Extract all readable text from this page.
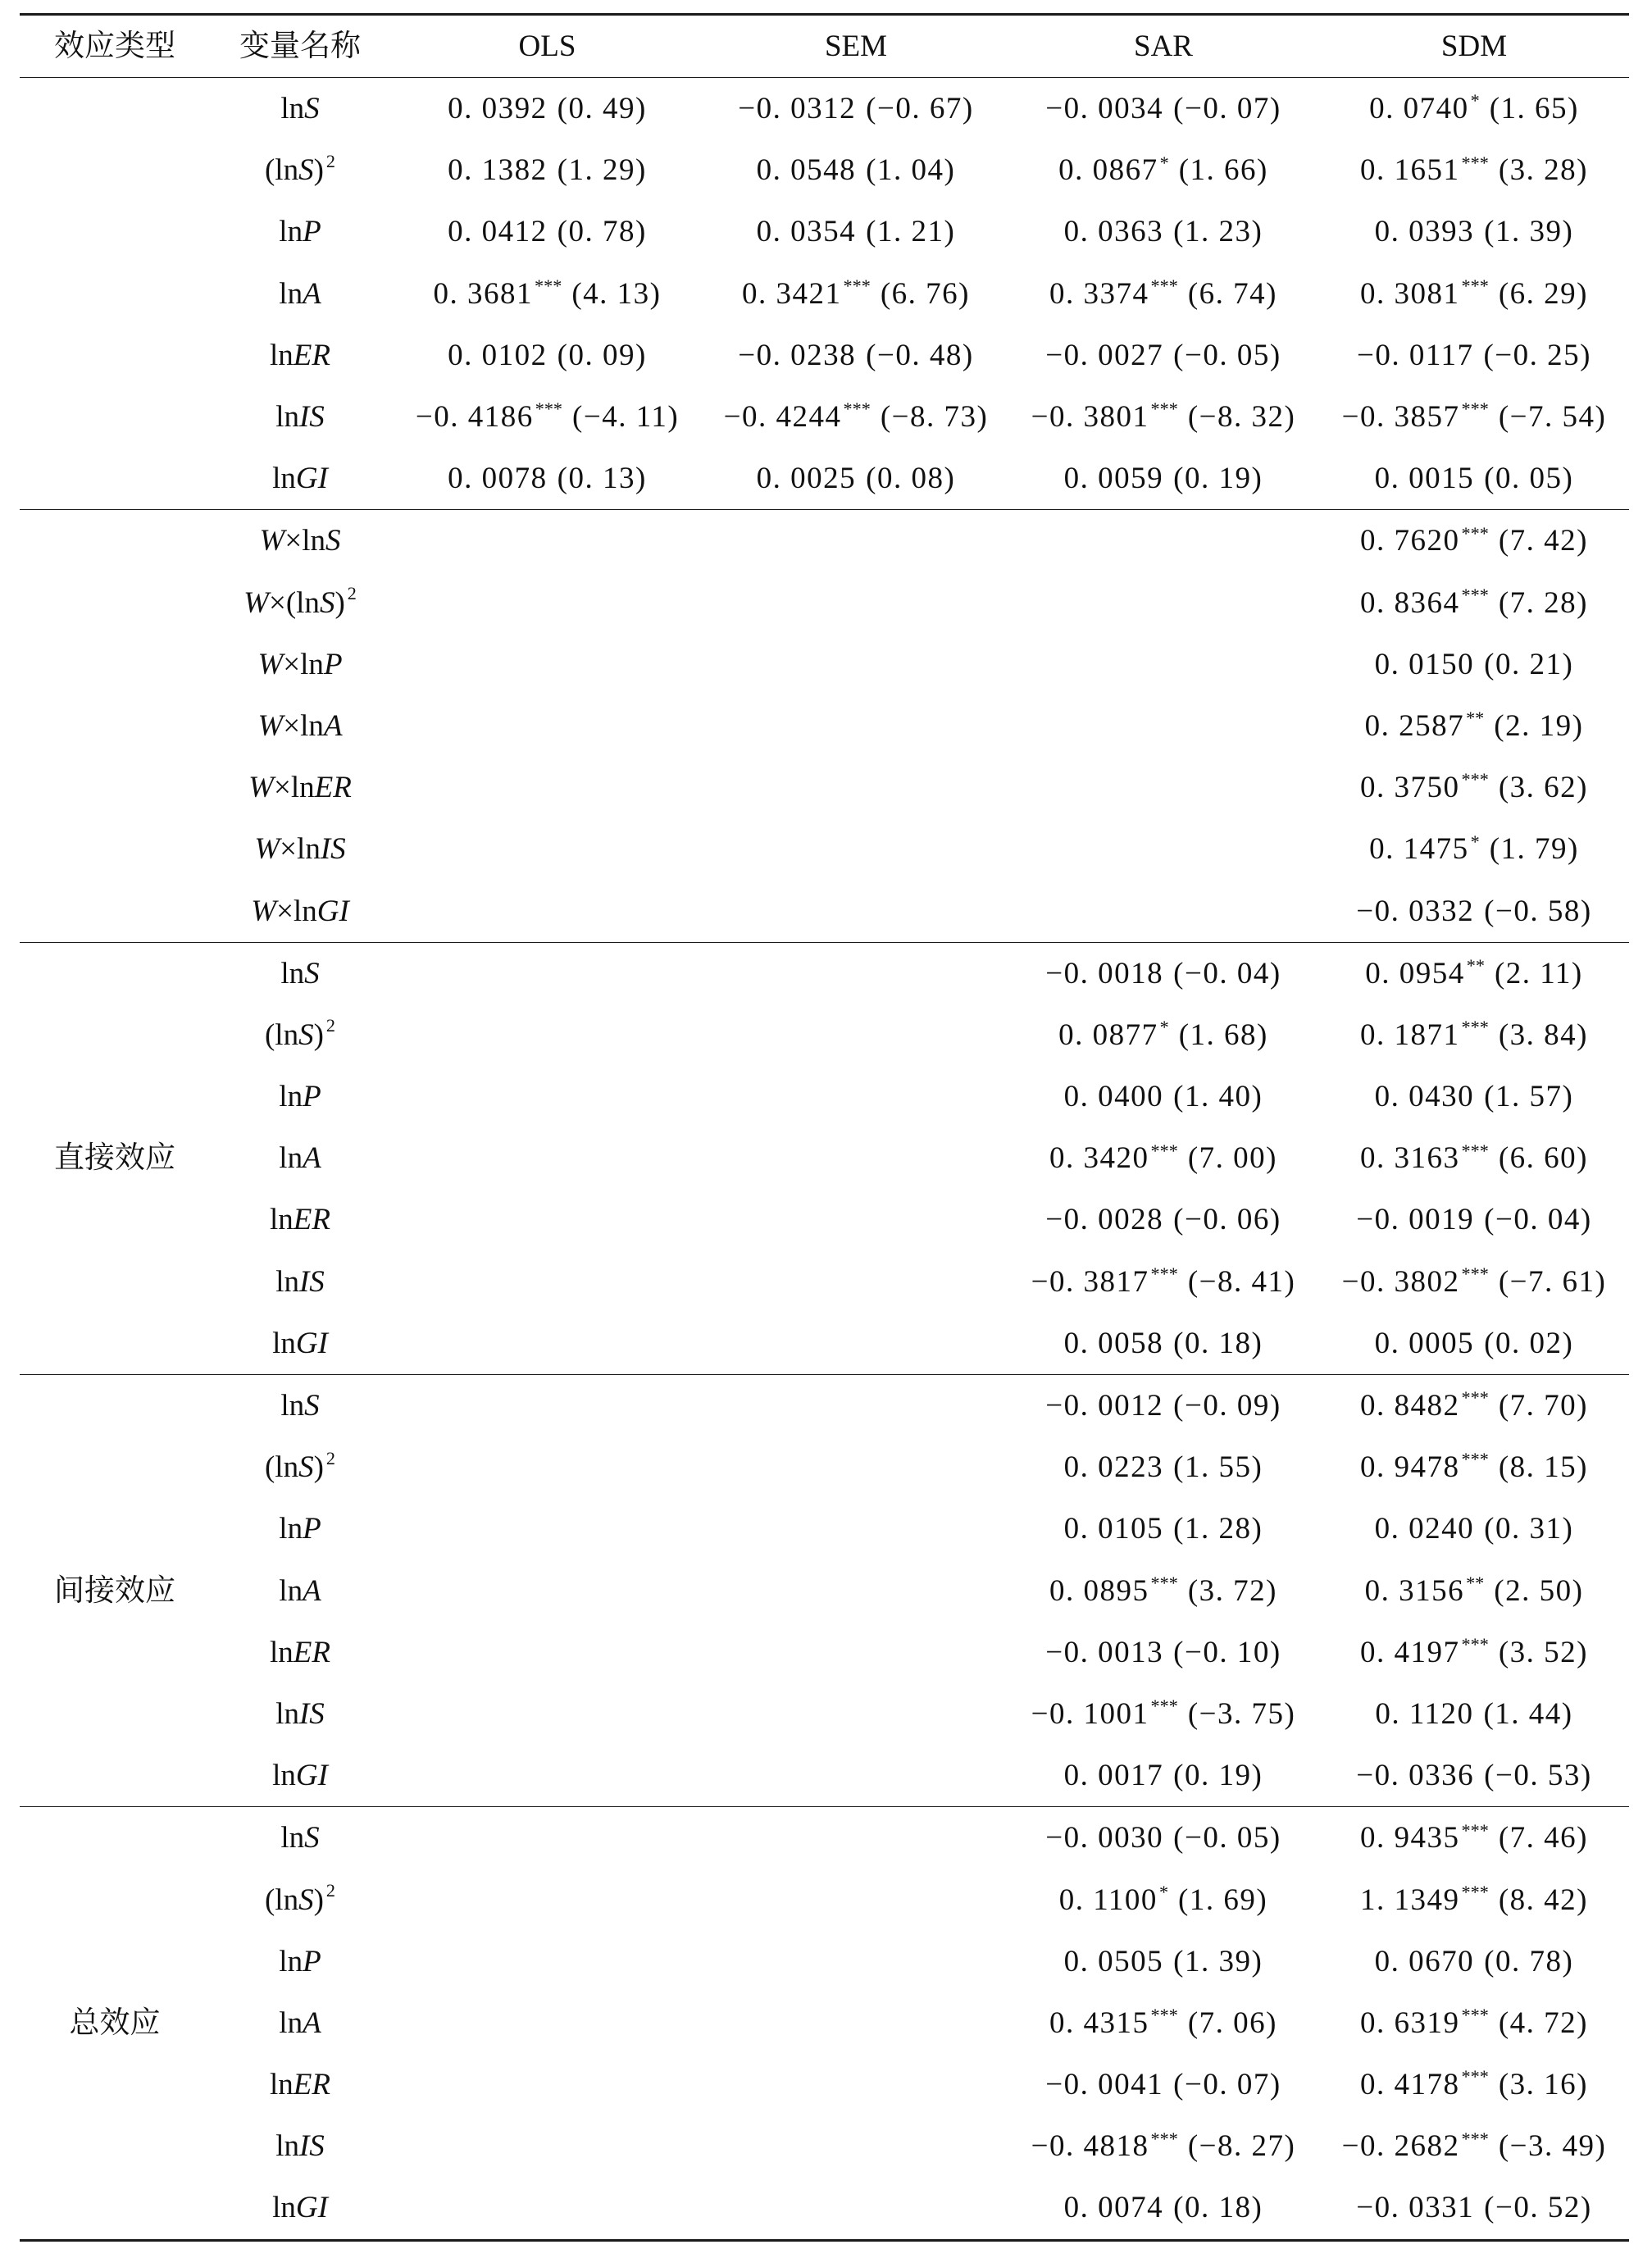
效应类型	变量名称	OLS	SEM	SAR	SDM
	lnS	0. 0392 (0. 49)	−0. 0312 (−0. 67)	−0. 0034 (−0. 07)	0. 0740* (1. 65)
	(lnS) $^2$	0. 1382 (1. 29)	0. 0548 (1. 04)	0. 0867* (1. 66)	0. 1651*** (3. 28)
	lnP	0. 0412 (0. 78)	0. 0354 (1. 21)	0. 0363 (1. 23)	0. 0393 (1. 39)
	lnA	0. 3681*** (4. 13)	0. 3421*** (6. 76)	0. 3374*** (6. 74)	0. 3081*** (6. 29)
	lnER	0. 0102 (0. 09)	−0. 0238 (−0. 48)	−0. 0027 (−0. 05)	−0. 0117 (−0. 25)
	lnIS	−0. 4186*** (−4. 11)	−0. 4244*** (−8. 73)	−0. 3801*** (−8. 32)	−0. 3857*** (−7. 54)
	lnGI	0. 0078 (0. 13)	0. 0025 (0. 08)	0. 0059 (0. 19)	0. 0015 (0. 05)
	W×lnS				0. 7620*** (7. 42)
	W×(lnS) $^2$				0. 8364*** (7. 28)
	W×lnP				0. 0150 (0. 21)
	W×lnA				0. 2587** (2. 19)
	W×lnER				0. 3750*** (3. 62)
	W×lnIS				0. 1475* (1. 79)
	W×lnGI				−0. 0332 (−0. 58)
直接效应	lnS			−0. 0018 (−0. 04)	0. 0954** (2. 11)
	(lnS) $^2$			0. 0877* (1. 68)	0. 1871*** (3. 84)
	lnP			0. 0400 (1. 40)	0. 0430 (1. 57)
	lnA			0. 3420*** (7. 00)	0. 3163*** (6. 60)
	lnER			−0. 0028 (−0. 06)	−0. 0019 (−0. 04)
	lnIS			−0. 3817*** (−8. 41)	−0. 3802*** (−7. 61)
	lnGI			0. 0058 (0. 18)	0. 0005 (0. 02)
间接效应	lnS			−0. 0012 (−0. 09)	0. 8482*** (7. 70)
	(lnS) $^2$			0. 0223 (1. 55)	0. 9478*** (8. 15)
	lnP			0. 0105 (1. 28)	0. 0240 (0. 31)
	lnA			0. 0895*** (3. 72)	0. 3156** (2. 50)
	lnER			−0. 0013 (−0. 10)	0. 4197*** (3. 52)
	lnIS			−0. 1001*** (−3. 75)	0. 1120 (1. 44)
	lnGI			0. 0017 (0. 19)	−0. 0336 (−0. 53)
总效应	lnS			−0. 0030 (−0. 05)	0. 9435*** (7. 46)
	(lnS) $^2$			0. 1100* (1. 69)	1. 1349*** (8. 42)
	lnP			0. 0505 (1. 39)	0. 0670 (0. 78)
	lnA			0. 4315*** (7. 06)	0. 6319*** (4. 72)
	lnER			−0. 0041 (−0. 07)	0. 4178*** (3. 16)
	lnIS			−0. 4818*** (−8. 27)	−0. 2682*** (−3. 49)
	lnGI			0. 0074 (0. 18)	−0. 0331 (−0. 52)
